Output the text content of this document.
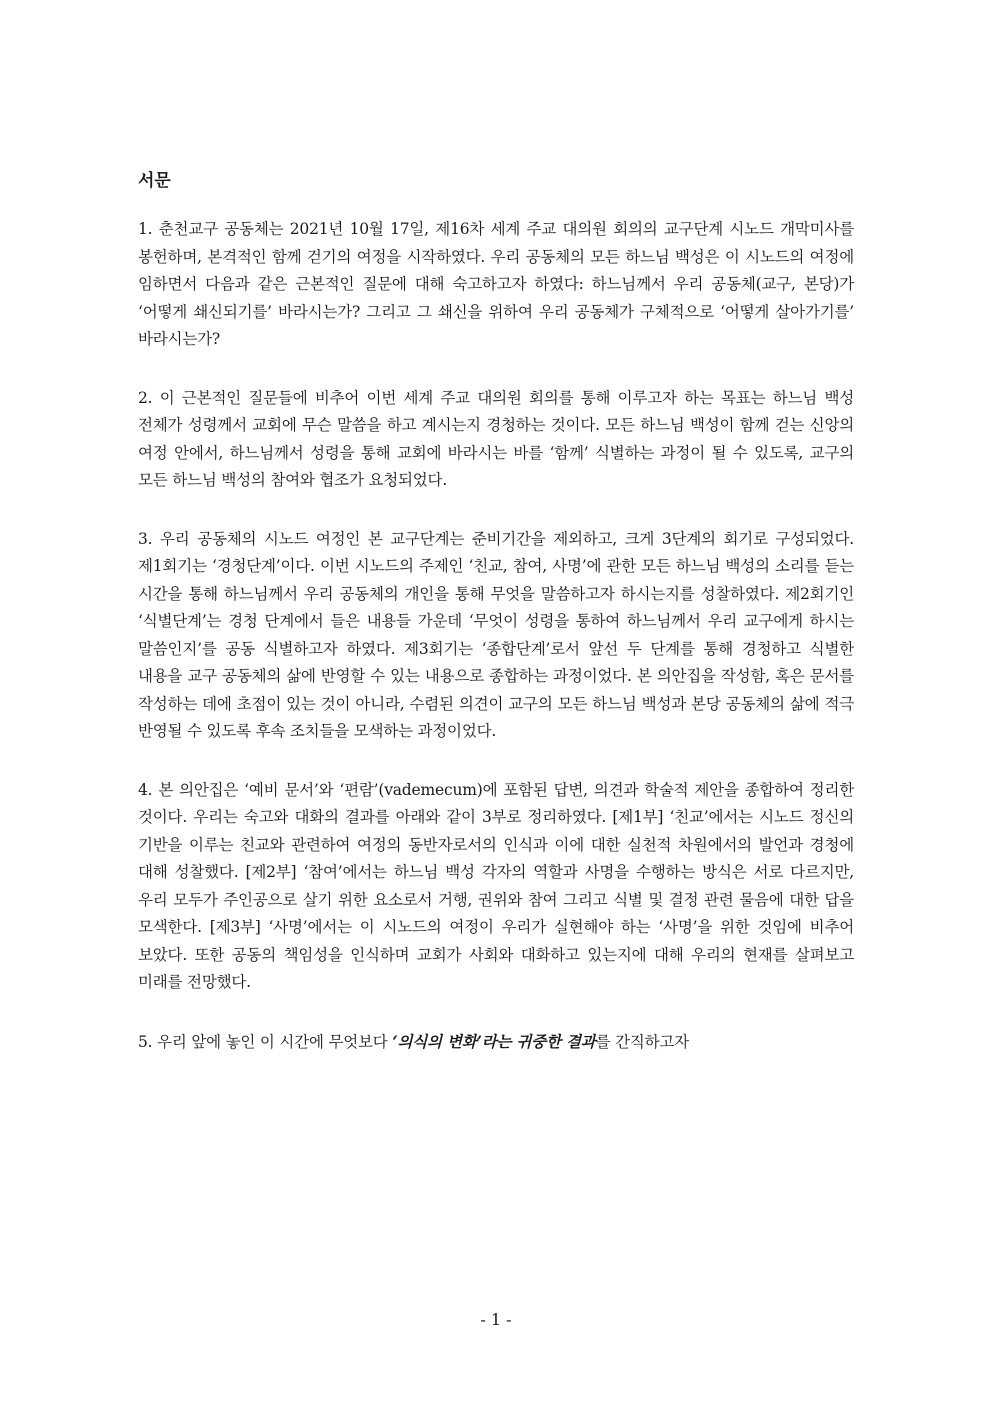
서문

1. 춘천교구 공동체는 2021년 10월 17일, 제16차 세계 주교 대의원 회의의 교구단계 시노드 개막미사를 봉헌하며, 본격적인 함께 걷기의 여정을 시작하였다. 우리 공동체의 모든 하느님 백성은 이 시노드의 여정에 임하면서 다음과 같은 근본적인 질문에 대해 숙고하고자 하였다: 하느님께서 우리 공동체(교구, 본당)가 ‘어떻게 쇄신되기를’ 바라시는가? 그리고 그 쇄신을 위하여 우리 공동체가 구체적으로 ‘어떻게 살아가기를’ 바라시는가?

2. 이 근본적인 질문들에 비추어 이번 세계 주교 대의원 회의를 통해 이루고자 하는 목표는 하느님 백성 전체가 성령께서 교회에 무슨 말씀을 하고 계시는지 경청하는 것이다. 모든 하느님 백성이 함께 걷는 신앙의 여정 안에서, 하느님께서 성령을 통해 교회에 바라시는 바를 ‘함께’ 식별하는 과정이 될 수 있도록, 교구의 모든 하느님 백성의 참여와 협조가 요청되었다.

3. 우리 공동체의 시노드 여정인 본 교구단계는 준비기간을 제외하고, 크게 3단계의 회기로 구성되었다. 제1회기는 ‘경청단계’이다. 이번 시노드의 주제인 ‘친교, 참여, 사명’에 관한 모든 하느님 백성의 소리를 듣는 시간을 통해 하느님께서 우리 공동체의 개인을 통해 무엇을 말씀하고자 하시는지를 성찰하였다. 제2회기인 ‘식별단계’는 경청 단계에서 들은 내용들 가운데 ‘무엇이 성령을 통하여 하느님께서 우리 교구에게 하시는 말씀인지’를 공동 식별하고자 하였다. 제3회기는 ‘종합단계’로서 앞선 두 단계를 통해 경청하고 식별한 내용을 교구 공동체의 삶에 반영할 수 있는 내용으로 종합하는 과정이었다. 본 의안집을 작성함, 혹은 문서를 작성하는 데에 초점이 있는 것이 아니라, 수렴된 의견이 교구의 모든 하느님 백성과 본당 공동체의 삶에 적극 반영될 수 있도록 후속 조치들을 모색하는 과정이었다.

4. 본 의안집은 ‘예비 문서’와 ‘편람’(vademecum)에 포함된 답변, 의견과 학술적 제안을 종합하여 정리한 것이다. 우리는 숙고와 대화의 결과를 아래와 같이 3부로 정리하였다. [제1부] ‘친교’에서는 시노드 정신의 기반을 이루는 친교와 관련하여 여정의 동반자로서의 인식과 이에 대한 실천적 차원에서의 발언과 경청에 대해 성찰했다. [제2부] ‘참여’에서는 하느님 백성 각자의 역할과 사명을 수행하는 방식은 서로 다르지만, 우리 모두가 주인공으로 살기 위한 요소로서 거행, 권위와 참여 그리고 식별 및 결정 관련 물음에 대한 답을 모색한다. [제3부] ‘사명’에서는 이 시노드의 여정이 우리가 실현해야 하는 ‘사명’을 위한 것임에 비추어 보았다. 또한 공동의 책임성을 인식하며 교회가 사회와 대화하고 있는지에 대해 우리의 현재를 살펴보고 미래를 전망했다.

5. 우리 앞에 놓인 이 시간에 무엇보다 ‘의식의 변화’라는 귀중한 결과를 간직하고자

- 1 -
